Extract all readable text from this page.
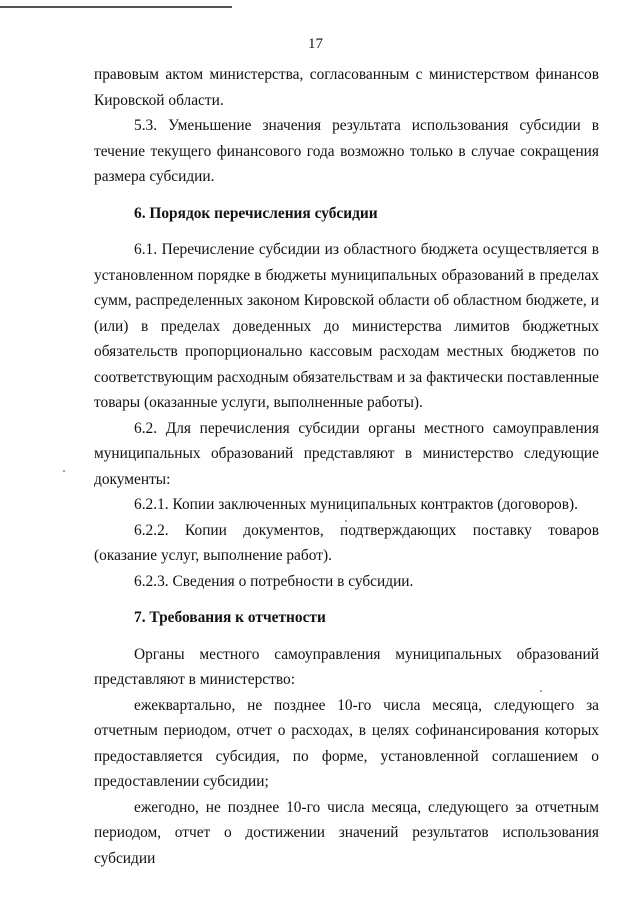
17

правовым актом министерства, согласованным с министерством финансов Кировской области.

5.3. Уменьшение значения результата использования субсидии в течение текущего финансового года возможно только в случае сокращения размера субсидии.

6. Порядок перечисления субсидии

6.1. Перечисление субсидии из областного бюджета осуществляется в установленном порядке в бюджеты муниципальных образований в пределах сумм, распределенных законом Кировской области об областном бюджете, и (или) в пределах доведенных до министерства лимитов бюджетных обязательств пропорционально кассовым расходам местных бюджетов по соответствующим расходным обязательствам и за фактически поставленные товары (оказанные услуги, выполненные работы).

6.2. Для перечисления субсидии органы местного самоуправления муниципальных образований представляют в министерство следующие документы:

6.2.1. Копии заключенных муниципальных контрактов (договоров).

6.2.2. Копии документов, подтверждающих поставку товаров (оказание услуг, выполнение работ).

6.2.3. Сведения о потребности в субсидии.

7. Требования к отчетности

Органы местного самоуправления муниципальных образований представляют в министерство:

ежеквартально, не позднее 10-го числа месяца, следующего за отчетным периодом, отчет о расходах, в целях софинансирования которых предоставляется субсидия, по форме, установленной соглашением о предоставлении субсидии;

ежегодно, не позднее 10-го числа месяца, следующего за отчетным периодом, отчет о достижении значений результатов использования субсидии
